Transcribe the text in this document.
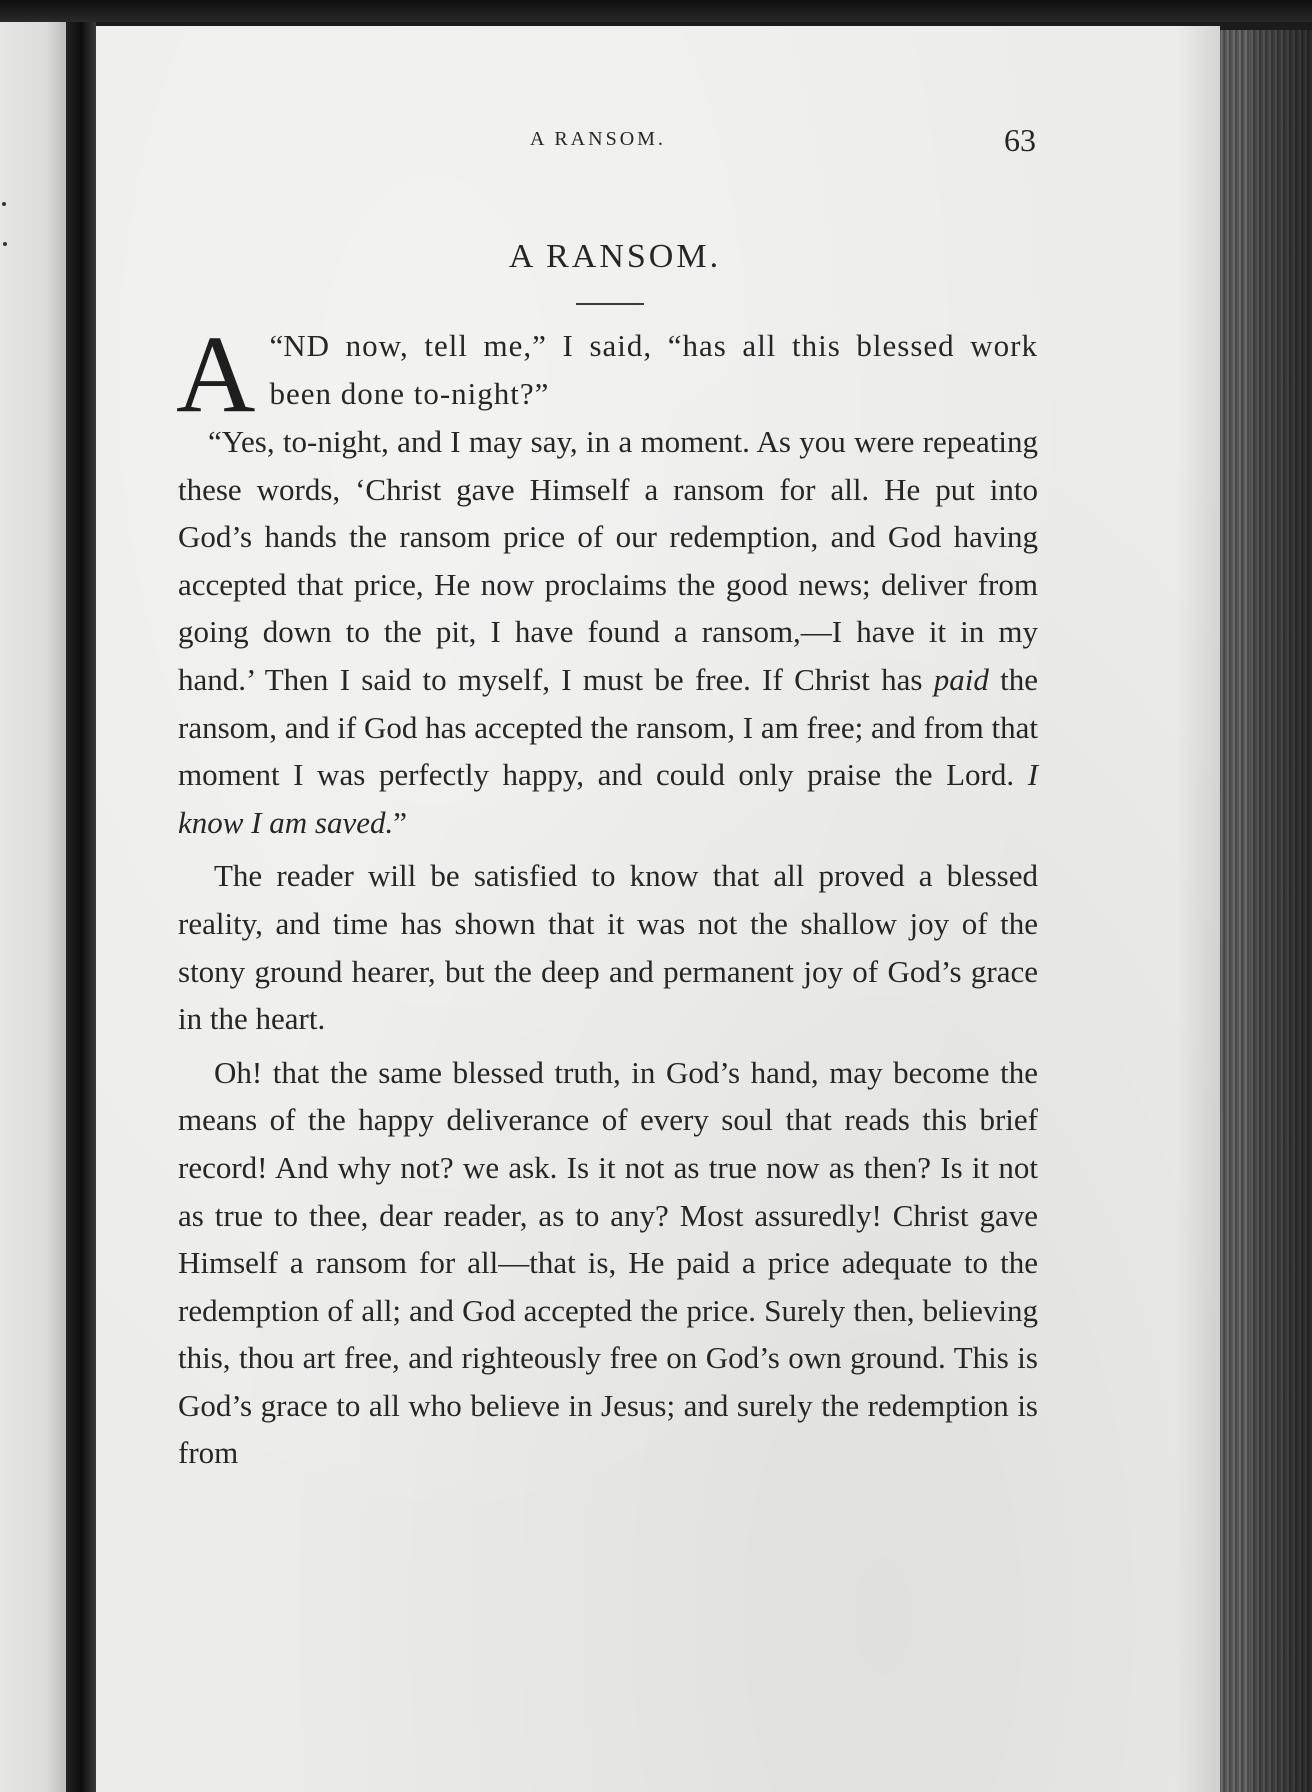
A RANSOM.	63
A RANSOM.

“
A ND now, tell me,” I said, “has all this blessed work been done to-night?”

“Yes, to-night, and I may say, in a moment. As you were repeating these words, ‘Christ gave Himself a ransom for all. He put into God’s hands the ransom price of our redemption, and God having accepted that price, He now proclaims the good news; deliver from going down to the pit, I have found a ransom,—I have it in my hand.’ Then I said to myself, I must be free. If Christ has paid the ransom, and if God has accepted the ransom, I am free; and from that moment I was perfectly happy, and could only praise the Lord. I know I am saved.”

The reader will be satisfied to know that all proved a blessed reality, and time has shown that it was not the shallow joy of the stony ground hearer, but the deep and permanent joy of God’s grace in the heart.

Oh! that the same blessed truth, in God’s hand, may become the means of the happy deliverance of every soul that reads this brief record! And why not? we ask. Is it not as true now as then? Is it not as true to thee, dear reader, as to any? Most assuredly! Christ gave Himself a ransom for all—that is, He paid a price adequate to the redemption of all; and God accepted the price. Surely then, believing this, thou art free, and righteously free on God’s own ground. This is God’s grace to all who believe in Jesus; and surely the redemption is from
